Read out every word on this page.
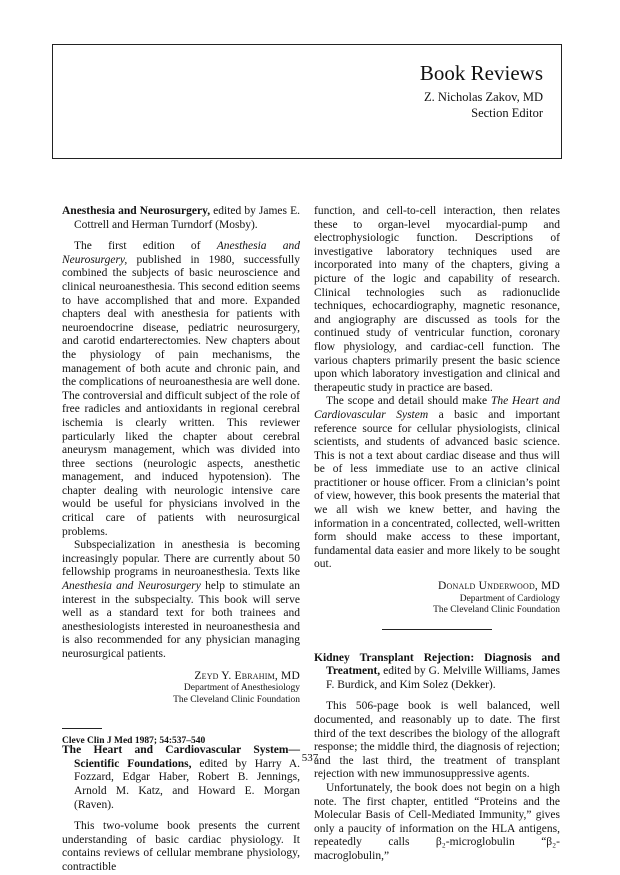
Book Reviews
Z. Nicholas Zakov, MD
Section Editor

Anesthesia and Neurosurgery, edited by James E. Cottrell and Herman Turndorf (Mosby).

The first edition of Anesthesia and Neurosurgery, published in 1980, successfully combined the subjects of basic neuroscience and clinical neuroanesthesia. This second edition seems to have accomplished that and more. Expanded chapters deal with anesthesia for patients with neuroendocrine disease, pediatric neurosurgery, and carotid endarterectomies. New chapters about the physiology of pain mechanisms, the management of both acute and chronic pain, and the complications of neuroanesthesia are well done. The controversial and difficult subject of the role of free radicles and antioxidants in regional cerebral ischemia is clearly written. This reviewer particularly liked the chapter about cerebral aneurysm management, which was divided into three sections (neurologic aspects, anesthetic management, and induced hypotension). The chapter dealing with neurologic intensive care would be useful for physicians involved in the critical care of patients with neurosurgical problems.

Subspecialization in anesthesia is becoming increasingly popular. There are currently about 50 fellowship programs in neuroanesthesia. Texts like Anesthesia and Neurosurgery help to stimulate an interest in the subspecialty. This book will serve well as a standard text for both trainees and anesthesiologists interested in neuroanesthesia and is also recommended for any physician managing neurosurgical patients.

Zeyd Y. Ebrahim, MD
Department of Anesthesiology
The Cleveland Clinic Foundation

The Heart and Cardiovascular System—Scientific Foundations, edited by Harry A. Fozzard, Edgar Haber, Robert B. Jennings, Arnold M. Katz, and Howard E. Morgan (Raven).

This two-volume book presents the current understanding of basic cardiac physiology. It contains reviews of cellular membrane physiology, contractible

function, and cell-to-cell interaction, then relates these to organ-level myocardial-pump and electrophysiologic function. Descriptions of investigative laboratory techniques used are incorporated into many of the chapters, giving a picture of the logic and capability of research. Clinical technologies such as radionuclide techniques, echocardiography, magnetic resonance, and angiography are discussed as tools for the continued study of ventricular function, coronary flow physiology, and cardiac-cell function. The various chapters primarily present the basic science upon which laboratory investigation and clinical and therapeutic study in practice are based.

The scope and detail should make The Heart and Cardiovascular System a basic and important reference source for cellular physiologists, clinical scientists, and students of advanced basic science. This is not a text about cardiac disease and thus will be of less immediate use to an active clinical practitioner or house officer. From a clinician’s point of view, however, this book presents the material that we all wish we knew better, and having the information in a concentrated, collected, well-written form should make access to these important, fundamental data easier and more likely to be sought out.

Donald Underwood, MD
Department of Cardiology
The Cleveland Clinic Foundation

Kidney Transplant Rejection: Diagnosis and Treatment, edited by G. Melville Williams, James F. Burdick, and Kim Solez (Dekker).

This 506-page book is well balanced, well documented, and reasonably up to date. The first third of the text describes the biology of the allograft response; the middle third, the diagnosis of rejection; and the last third, the treatment of transplant rejection with new immunosuppressive agents.

Unfortunately, the book does not begin on a high note. The first chapter, entitled “Proteins and the Molecular Basis of Cell-Mediated Immunity,” gives only a paucity of information on the HLA antigens, repeatedly calls β₂-microglobulin “β₂-macroglobulin,”

Cleve Clin J Med 1987; 54:537–540
537
